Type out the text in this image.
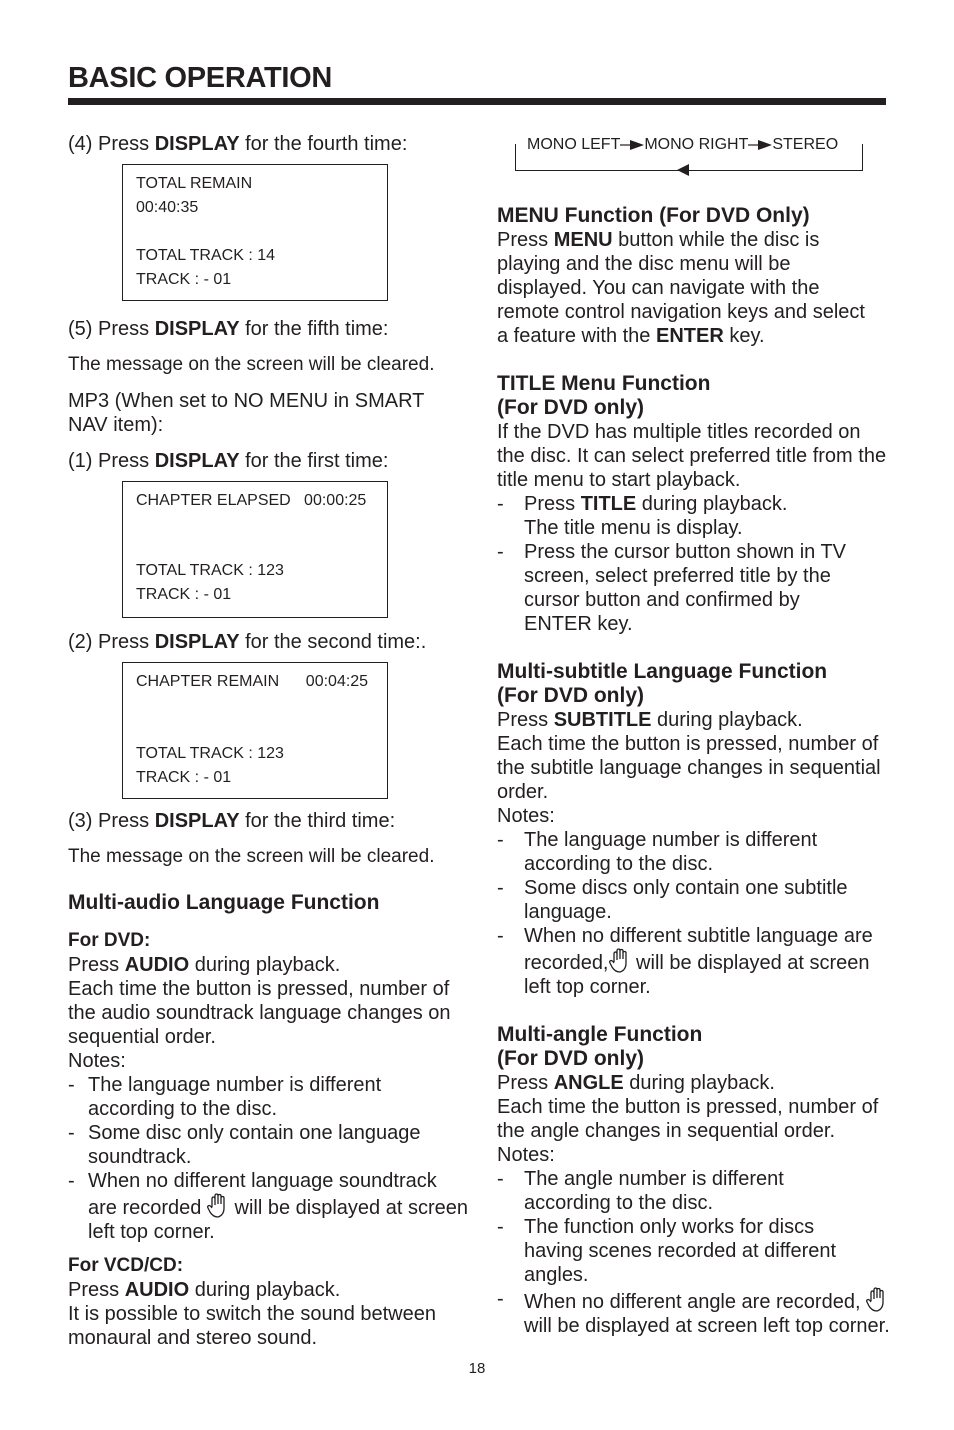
BASIC OPERATION

(4) Press DISPLAY for the fourth time:

TOTAL REMAIN
00:40:35
TOTAL TRACK : 14
TRACK : - 01

(5) Press DISPLAY for the fifth time:

The message on the screen will be cleared.

MP3 (When set to NO MENU in SMART NAV item):

(1) Press DISPLAY for the first time:

CHAPTER ELAPSED   00:00:25
TOTAL TRACK : 123
TRACK : - 01

(2) Press DISPLAY for the second time:.

CHAPTER REMAIN      00:04:25
TOTAL TRACK : 123
TRACK : - 01

(3) Press DISPLAY for the third time:

The message on the screen will be cleared.

Multi-audio Language Function
For DVD:

Press AUDIO during playback.

Each time the button is pressed, number of the audio soundtrack language changes on sequential order.

Notes:

- The language number is different according to the disc.
- Some disc only contain one language soundtrack.
- When no different language soundtrack are recorded  will be displayed at screen left top corner.
For VCD/CD:

Press AUDIO during playback.

It is possible to switch the sound between monaural and stereo sound.

MONO LEFT MONO RIGHT STEREO
MENU Function (For DVD Only)

Press MENU button while the disc is playing and the disc menu will be displayed. You can navigate with the remote control navigation keys and select a feature with the ENTER key.

TITLE Menu Function
(For DVD only)

If the DVD has multiple titles recorded on the disc. It can select preferred title from the title menu to start playback.

- Press TITLE during playback.
The title menu is display.
- Press the cursor button shown in TV screen, select preferred title by the cursor button and confirmed by ENTER key.
Multi-subtitle Language Function
(For DVD only)

Press SUBTITLE during playback.

Each time the button is pressed, number of the subtitle language changes in sequential order.

Notes:

- The language number is different according to the disc.
- Some discs only contain one subtitle language.
- When no different subtitle language are recorded, will be displayed at screen left top corner.
Multi-angle Function
(For DVD only)

Press ANGLE during playback.

Each time the button is pressed, number of the angle changes in sequential order.

Notes:

- The angle number is different according to the disc.
- The function only works for discs having scenes recorded at different angles.
- When no different angle are recorded,  will be displayed at screen left top corner.
18
